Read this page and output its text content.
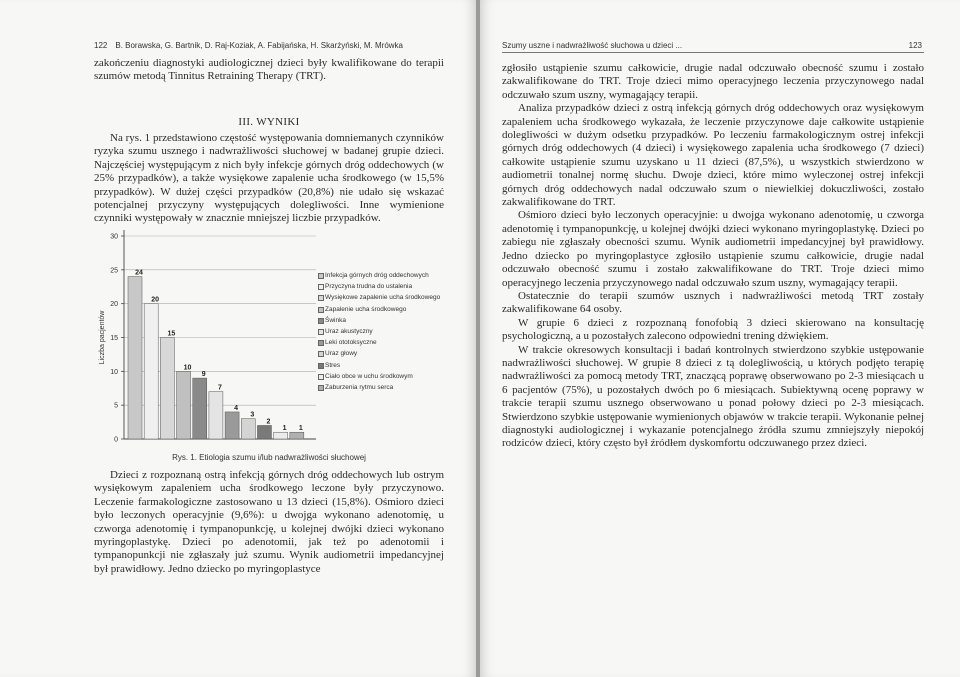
122 B. Borawska, G. Bartnik, D. Raj-Koziak, A. Fabijańska, H. Skarżyński, M. Mrówka

zakończeniu diagnostyki audiologicznej dzieci były kwalifikowane do terapii szumów metodą Tinnitus Retraining Therapy (TRT).

III. WYNIKI

Na rys. 1 przedstawiono częstość występowania domniemanych czynników ryzyka szumu usznego i nadwrażliwości słuchowej w badanej grupie dzieci. Najczęściej występującym z nich były infekcje górnych dróg oddechowych (w 25% przypadków), a także wysiękowe zapalenie ucha środkowego (w 15,5% przypadków). W dużej części przypadków (20,8%) nie udało się wskazać potencjalnej przyczyny występujących dolegliwości. Inne wymienione czynniki występowały w znacznie mniejszej liczbie przypadków.

0
5
10
15
20
25
30
Liczba pacjentów
24
20
15
10
9
7
4
3
2
1 1
Infekcja górnych dróg oddechowych
Przyczyna trudna do ustalenia
Wysiękowe zapalenie ucha środkowego
Zapalenie ucha środkowego
Świnka
Uraz akustyczny
Leki ototoksyczne
Uraz głowy
Stres
Ciało obce w uchu środkowym
Zaburzenia rytmu serca
Rys. 1. Etiologia szumu i/lub nadwrażliwości słuchowej

Dzieci z rozpoznaną ostrą infekcją górnych dróg oddechowych lub ostrym wysiękowym zapaleniem ucha środkowego leczone były przyczynowo. Leczenie farmakologiczne zastosowano u 13 dzieci (15,8%). Ośmioro dzieci było leczonych operacyjnie (9,6%): u dwojga wykonano adenotomię, u czworga adenotomię i tympanopunkcję, u kolejnej dwójki dzieci wykonano myringoplastykę. Dzieci po adenotomii, jak też po adenotomii i tympanopunkcji nie zgłaszały już szumu. Wynik audiometrii impedancyjnej był prawidłowy. Jedno dziecko po myringoplastyce

Szumy uszne i nadwrażliwość słuchowa u dzieci ...	123

zgłosiło ustąpienie szumu całkowicie, drugie nadal odczuwało obecność szumu i zostało zakwalifikowane do TRT. Troje dzieci mimo operacyjnego leczenia przyczynowego nadal odczuwało szum uszny, wymagający terapii.

Analiza przypadków dzieci z ostrą infekcją górnych dróg oddechowych oraz wysiękowym zapaleniem ucha środkowego wykazała, że leczenie przyczynowe daje całkowite ustąpienie dolegliwości w dużym odsetku przypadków. Po leczeniu farmakologicznym ostrej infekcji górnych dróg oddechowych (4 dzieci) i wysiękowego zapalenia ucha środkowego (7 dzieci) całkowite ustąpienie szumu uzyskano u 11 dzieci (87,5%), u wszystkich stwierdzono w audiometrii tonalnej normę słuchu. Dwoje dzieci, które mimo wyleczonej ostrej infekcji górnych dróg oddechowych nadal odczuwało szum o niewielkiej dokuczliwości, zostało zakwalifikowane do TRT.

Ośmioro dzieci było leczonych operacyjnie: u dwojga wykonano adenotomię, u czworga adenotomię i tympanopunkcję, u kolejnej dwójki dzieci wykonano myringoplastykę. Dzieci po zabiegu nie zgłaszały obecności szumu. Wynik audiometrii impedancyjnej był prawidłowy. Jedno dziecko po myringoplastyce zgłosiło ustąpienie szumu całkowicie, drugie nadal odczuwało obecność szumu i zostało zakwalifikowane do TRT. Troje dzieci mimo operacyjnego leczenia przyczynowego nadal odczuwało szum uszny, wymagający terapii.

Ostatecznie do terapii szumów usznych i nadwrażliwości metodą TRT zostały zakwalifikowane 64 osoby.

W grupie 6 dzieci z rozpoznaną fonofobią 3 dzieci skierowano na konsultację psychologiczną, a u pozostałych zalecono odpowiedni trening dźwiękiem.

W trakcie okresowych konsultacji i badań kontrolnych stwierdzono szybkie ustępowanie nadwrażliwości słuchowej. W grupie 8 dzieci z tą dolegliwością, u których podjęto terapię nadwrażliwości za pomocą metody TRT, znaczącą poprawę obserwowano po 2-3 miesiącach u 6 pacjentów (75%), u pozostałych dwóch po 6 miesiącach. Subiektywną ocenę poprawy w trakcie terapii szumu usznego obserwowano u ponad połowy dzieci po 2-3 miesiącach. Stwierdzono szybkie ustępowanie wymienionych objawów w trakcie terapii. Wykonanie pełnej diagnostyki audiologicznej i wykazanie potencjalnego źródła szumu zmniejszyły niepokój rodziców dzieci, który często był źródłem dyskomfortu odczuwanego przez dzieci.
